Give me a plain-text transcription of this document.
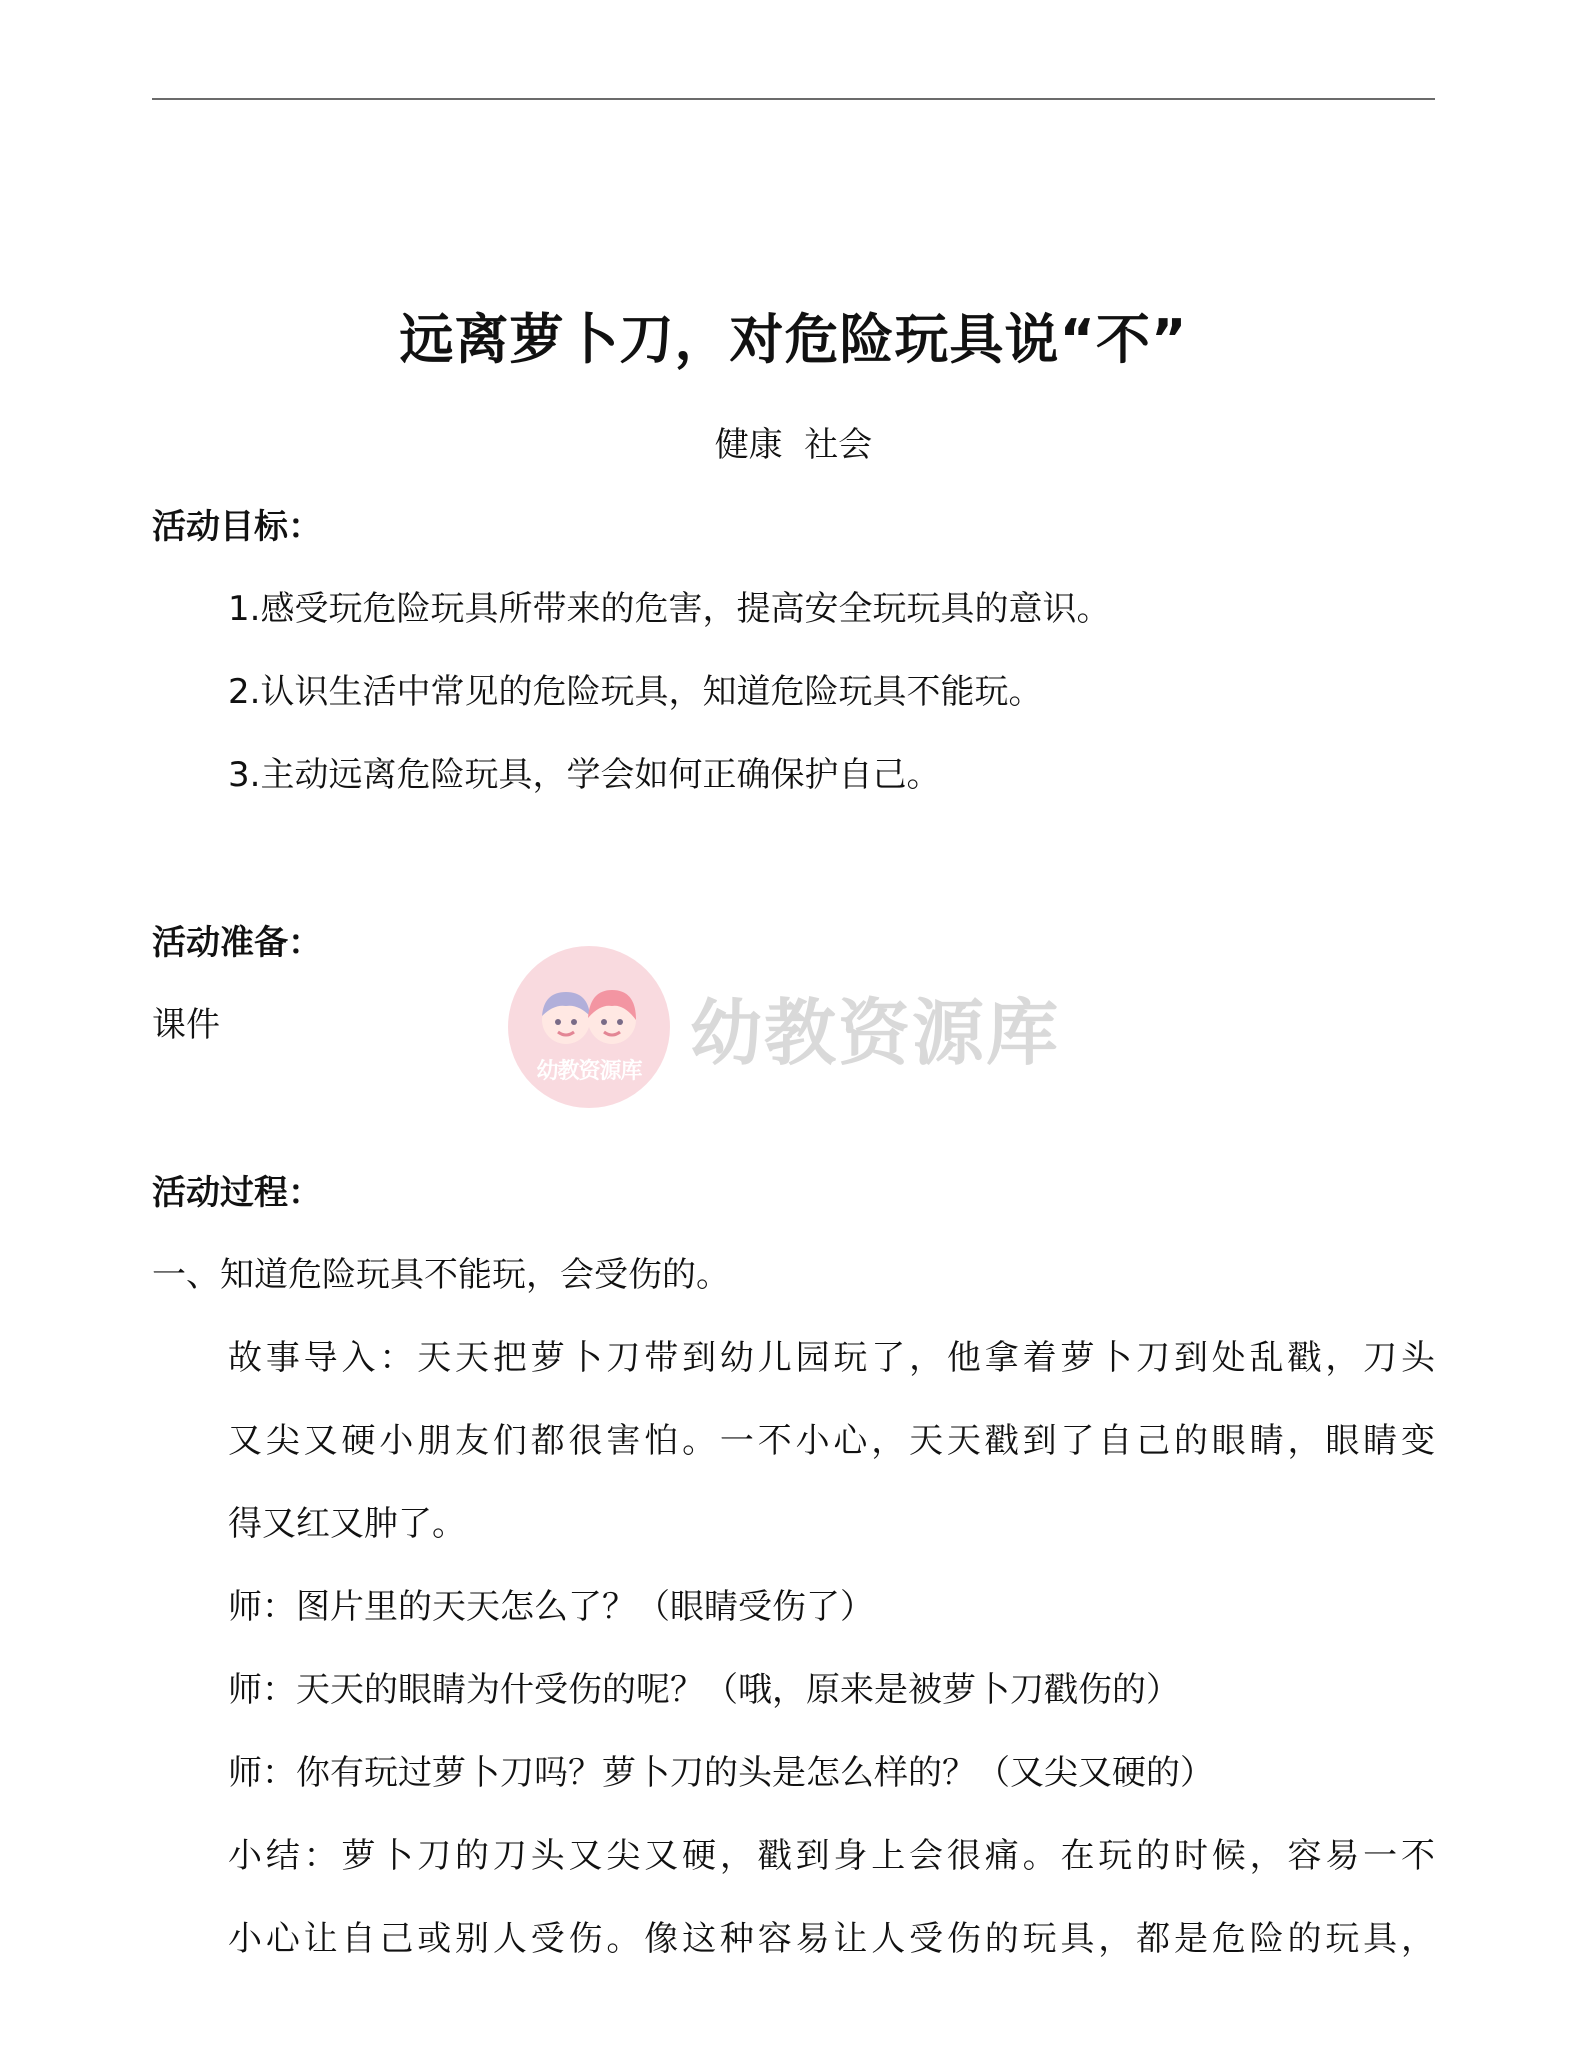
远离萝卜刀，对危险玩具说“不”
健康  社会
活动目标：
1.感受玩危险玩具所带来的危害，提高安全玩玩具的意识。
2.认识生活中常见的危险玩具，知道危险玩具不能玩。
3.主动远离危险玩具，学会如何正确保护自己。
活动准备：
课件
幼教资源库 幼教资源库
活动过程：
一、知道危险玩具不能玩，会受伤的。
故事导入：天天把萝卜刀带到幼儿园玩了，他拿着萝卜刀到处乱戳，刀头
又尖又硬小朋友们都很害怕。一不小心，天天戳到了自己的眼睛，眼睛变
得又红又肿了。
师：图片里的天天怎么了？（眼睛受伤了）
师：天天的眼睛为什受伤的呢？（哦，原来是被萝卜刀戳伤的）
师：你有玩过萝卜刀吗？萝卜刀的头是怎么样的？（又尖又硬的）
小结：萝卜刀的刀头又尖又硬，戳到身上会很痛。在玩的时候，容易一不
小心让自己或别人受伤。像这种容易让人受伤的玩具，都是危险的玩具，
